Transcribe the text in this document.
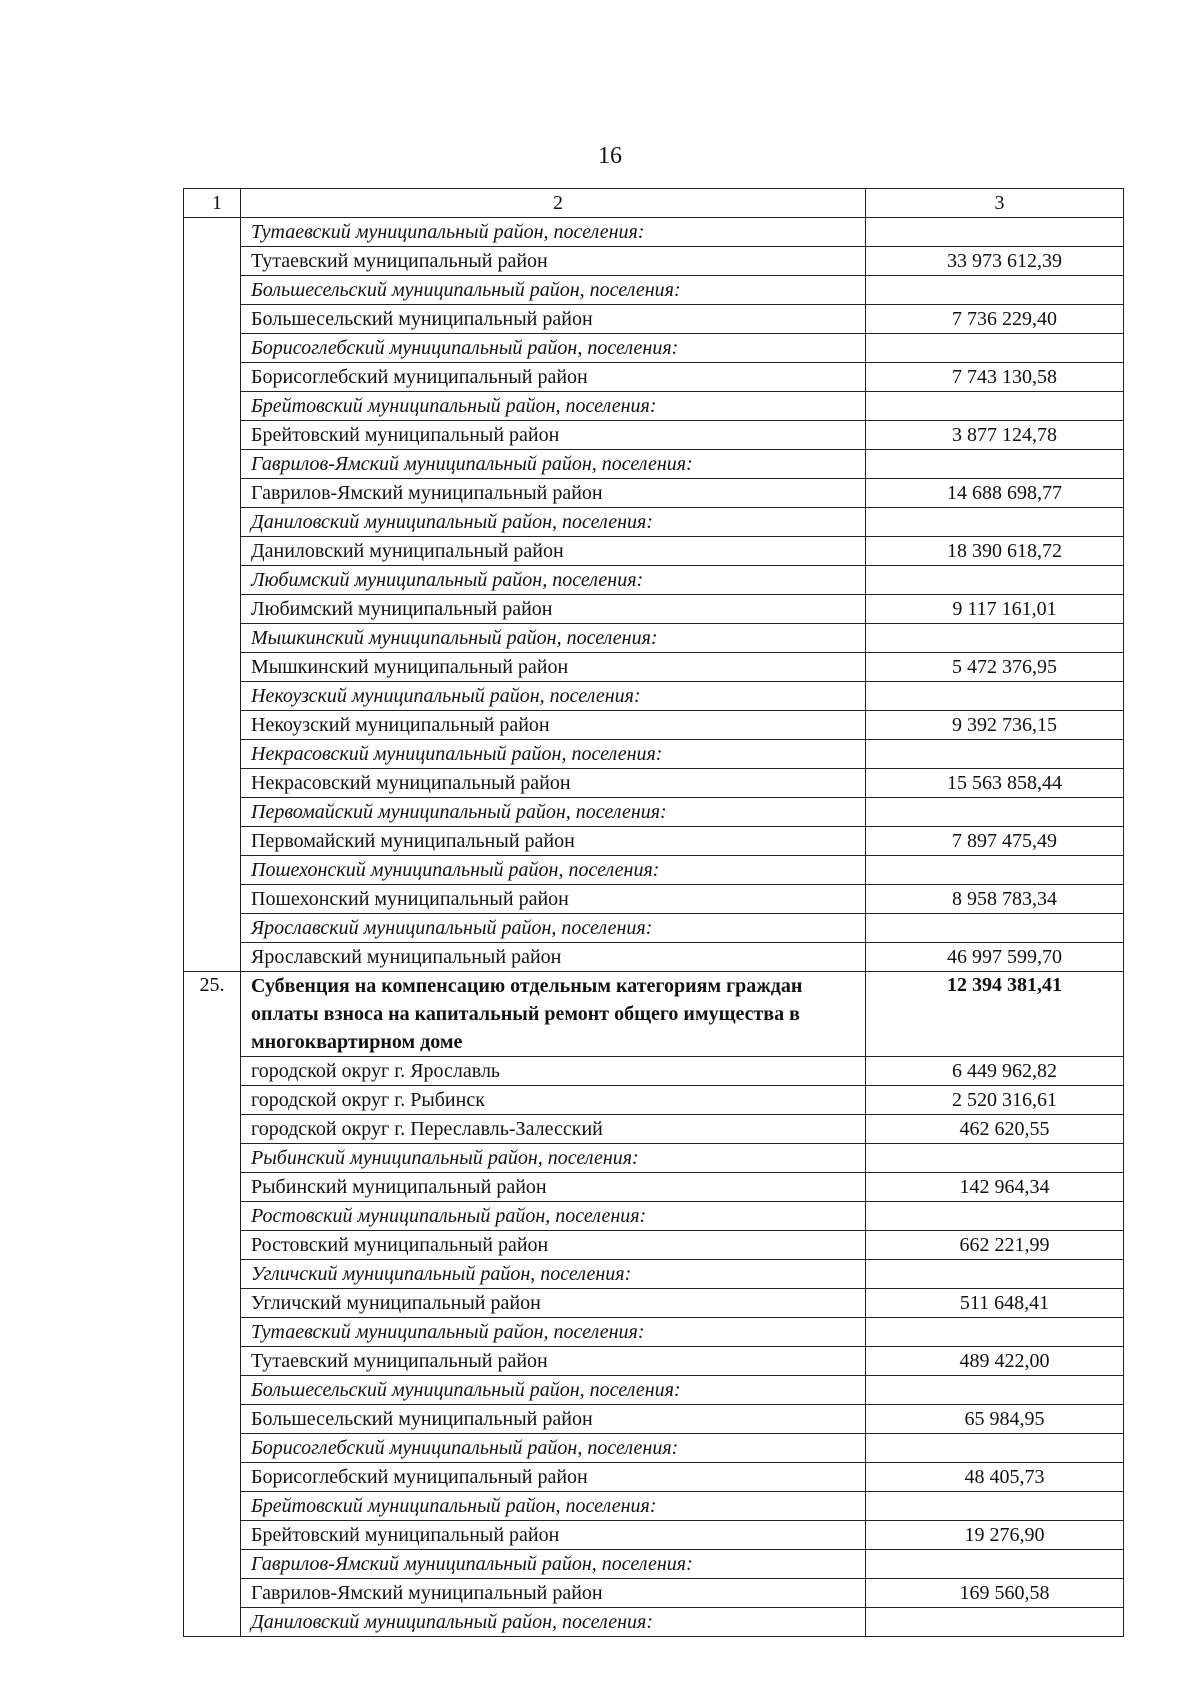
16
1	2	3
	Тутаевский муниципальный район, поселения:	
	Тутаевский муниципальный район	33 973 612,39
	Большесельский муниципальный район, поселения:	
	Большесельский муниципальный район	7 736 229,40
	Борисоглебский муниципальный район, поселения:	
	Борисоглебский муниципальный район	7 743 130,58
	Брейтовский муниципальный район, поселения:	
	Брейтовский муниципальный район	3 877 124,78
	Гаврилов-Ямский муниципальный район, поселения:	
	Гаврилов-Ямский муниципальный район	14 688 698,77
	Даниловский муниципальный район, поселения:	
	Даниловский муниципальный район	18 390 618,72
	Любимский муниципальный район, поселения:	
	Любимский муниципальный район	9 117 161,01
	Мышкинский муниципальный район, поселения:	
	Мышкинский муниципальный район	5 472 376,95
	Некоузский муниципальный район, поселения:	
	Некоузский муниципальный район	9 392 736,15
	Некрасовский муниципальный район, поселения:	
	Некрасовский муниципальный район	15 563 858,44
	Первомайский муниципальный район, поселения:	
	Первомайский муниципальный район	7 897 475,49
	Пошехонский муниципальный район, поселения:	
	Пошехонский муниципальный район	8 958 783,34
	Ярославский муниципальный район, поселения:	
	Ярославский муниципальный район	46 997 599,70
25.	Субвенция на компенсацию отдельным категориям граждан оплаты взноса на капитальный ремонт общего имущества в многоквартирном доме	12 394 381,41
	городской округ г. Ярославль	6 449 962,82
	городской округ г. Рыбинск	2 520 316,61
	городской округ г. Переславль-Залесский	462 620,55
	Рыбинский муниципальный район, поселения:	
	Рыбинский муниципальный район	142 964,34
	Ростовский муниципальный район, поселения:	
	Ростовский муниципальный район	662 221,99
	Угличский муниципальный район, поселения:	
	Угличский муниципальный район	511 648,41
	Тутаевский муниципальный район, поселения:	
	Тутаевский муниципальный район	489 422,00
	Большесельский муниципальный район, поселения:	
	Большесельский муниципальный район	65 984,95
	Борисоглебский муниципальный район, поселения:	
	Борисоглебский муниципальный район	48 405,73
	Брейтовский муниципальный район, поселения:	
	Брейтовский муниципальный район	19 276,90
	Гаврилов-Ямский муниципальный район, поселения:	
	Гаврилов-Ямский муниципальный район	169 560,58
	Даниловский муниципальный район, поселения:	
